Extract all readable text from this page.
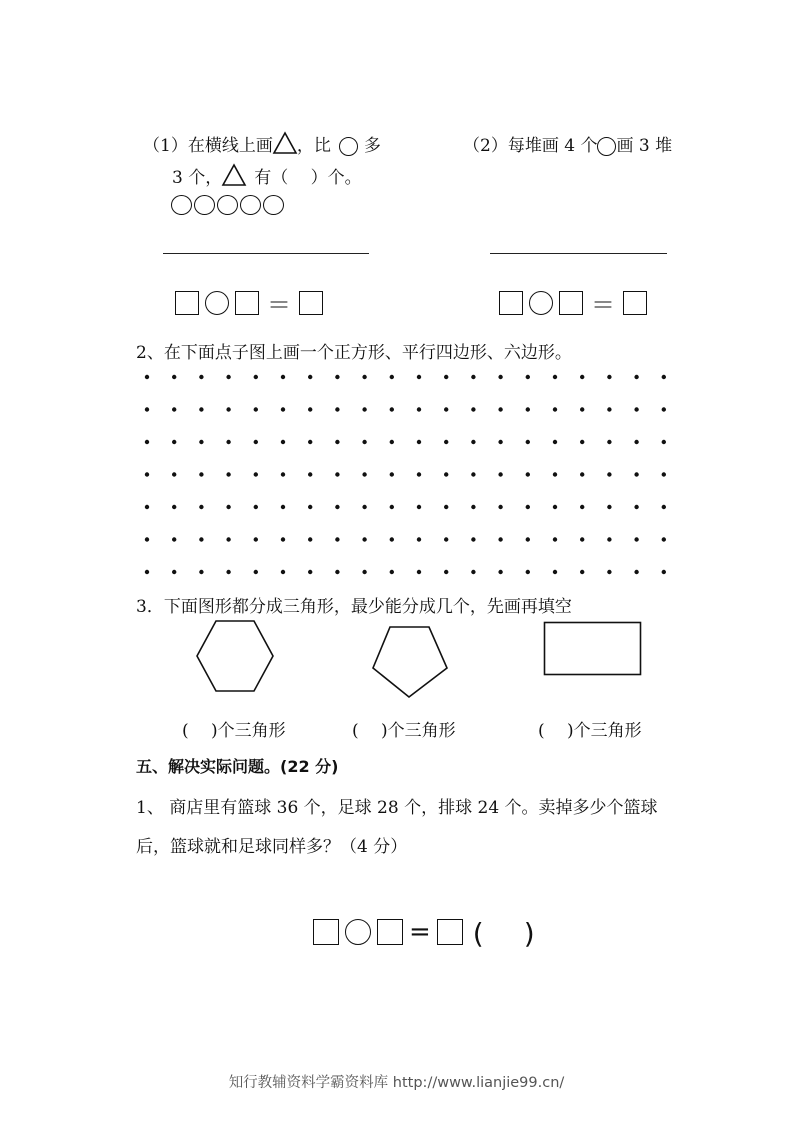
（1）在横线上画 ，比 多
3 个， 有（　 ）个。
（2）每堆画 4 个 画 3 堆
＝	＝
2、在下面点子图上画一个正方形、平行四边形、六边形。
3．下面图形都分成三角形，最少能分成几个，先画再填空
(　 )个三角形	(　 )个三角形	(　 )个三角形
五、解决实际问题。(22 分)
1、 商店里有篮球 36 个，足球 28 个，排球 24 个。卖掉多少个篮球
后，篮球就和足球同样多？（4 分）
= (　)
知行教辅资料学霸资料库 http://www.lianjie99.cn/
